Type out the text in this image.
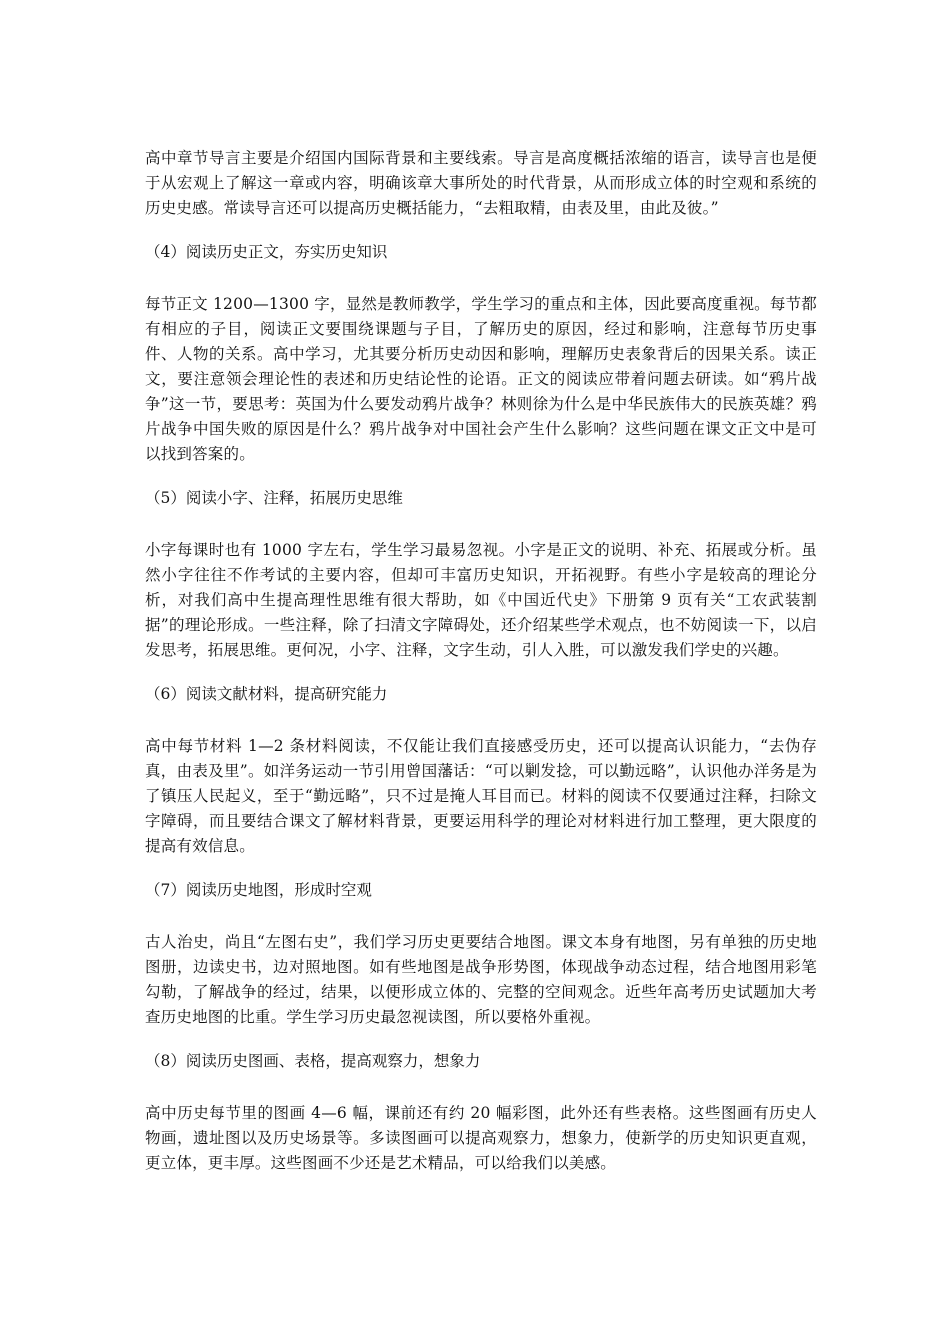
高中章节导言主要是介绍国内国际背景和主要线索。导言是高度概括浓缩的语言，读导言也是便于从宏观上了解这一章或内容，明确该章大事所处的时代背景，从而形成立体的时空观和系统的历史史感。常读导言还可以提高历史概括能力，“去粗取精，由表及里，由此及彼。”

（4）阅读历史正文，夯实历史知识

每节正文 1200—1300 字，显然是教师教学，学生学习的重点和主体，因此要高度重视。每节都有相应的子目，阅读正文要围绕课题与子目，了解历史的原因，经过和影响，注意每节历史事件、人物的关系。高中学习，尤其要分析历史动因和影响，理解历史表象背后的因果关系。读正文，要注意领会理论性的表述和历史结论性的论语。正文的阅读应带着问题去研读。如“鸦片战争”这一节，要思考：英国为什么要发动鸦片战争？林则徐为什么是中华民族伟大的民族英雄？鸦片战争中国失败的原因是什么？鸦片战争对中国社会产生什么影响？这些问题在课文正文中是可以找到答案的。

（5）阅读小字、注释，拓展历史思维

小字每课时也有 1000 字左右，学生学习最易忽视。小字是正文的说明、补充、拓展或分析。虽然小字往往不作考试的主要内容，但却可丰富历史知识，开拓视野。有些小字是较高的理论分析，对我们高中生提高理性思维有很大帮助，如《中国近代史》下册第 9 页有关“工农武装割据”的理论形成。一些注释，除了扫清文字障碍处，还介绍某些学术观点，也不妨阅读一下，以启发思考，拓展思维。更何况，小字、注释，文字生动，引人入胜，可以激发我们学史的兴趣。

（6）阅读文献材料，提高研究能力

高中每节材料 1—2 条材料阅读，不仅能让我们直接感受历史，还可以提高认识能力，“去伪存真，由表及里”。如洋务运动一节引用曾国藩话：“可以剿发捻，可以勤远略”，认识他办洋务是为了镇压人民起义，至于“勤远略”，只不过是掩人耳目而已。材料的阅读不仅要通过注释，扫除文字障碍，而且要结合课文了解材料背景，更要运用科学的理论对材料进行加工整理，更大限度的提高有效信息。

（7）阅读历史地图，形成时空观

古人治史，尚且“左图右史”，我们学习历史更要结合地图。课文本身有地图，另有单独的历史地图册，边读史书，边对照地图。如有些地图是战争形势图，体现战争动态过程，结合地图用彩笔勾勒，了解战争的经过，结果，以便形成立体的、完整的空间观念。近些年高考历史试题加大考查历史地图的比重。学生学习历史最忽视读图，所以要格外重视。

（8）阅读历史图画、表格，提高观察力，想象力

高中历史每节里的图画 4—6 幅，课前还有约 20 幅彩图，此外还有些表格。这些图画有历史人物画，遗址图以及历史场景等。多读图画可以提高观察力，想象力，使新学的历史知识更直观，更立体，更丰厚。这些图画不少还是艺术精品，可以给我们以美感。
